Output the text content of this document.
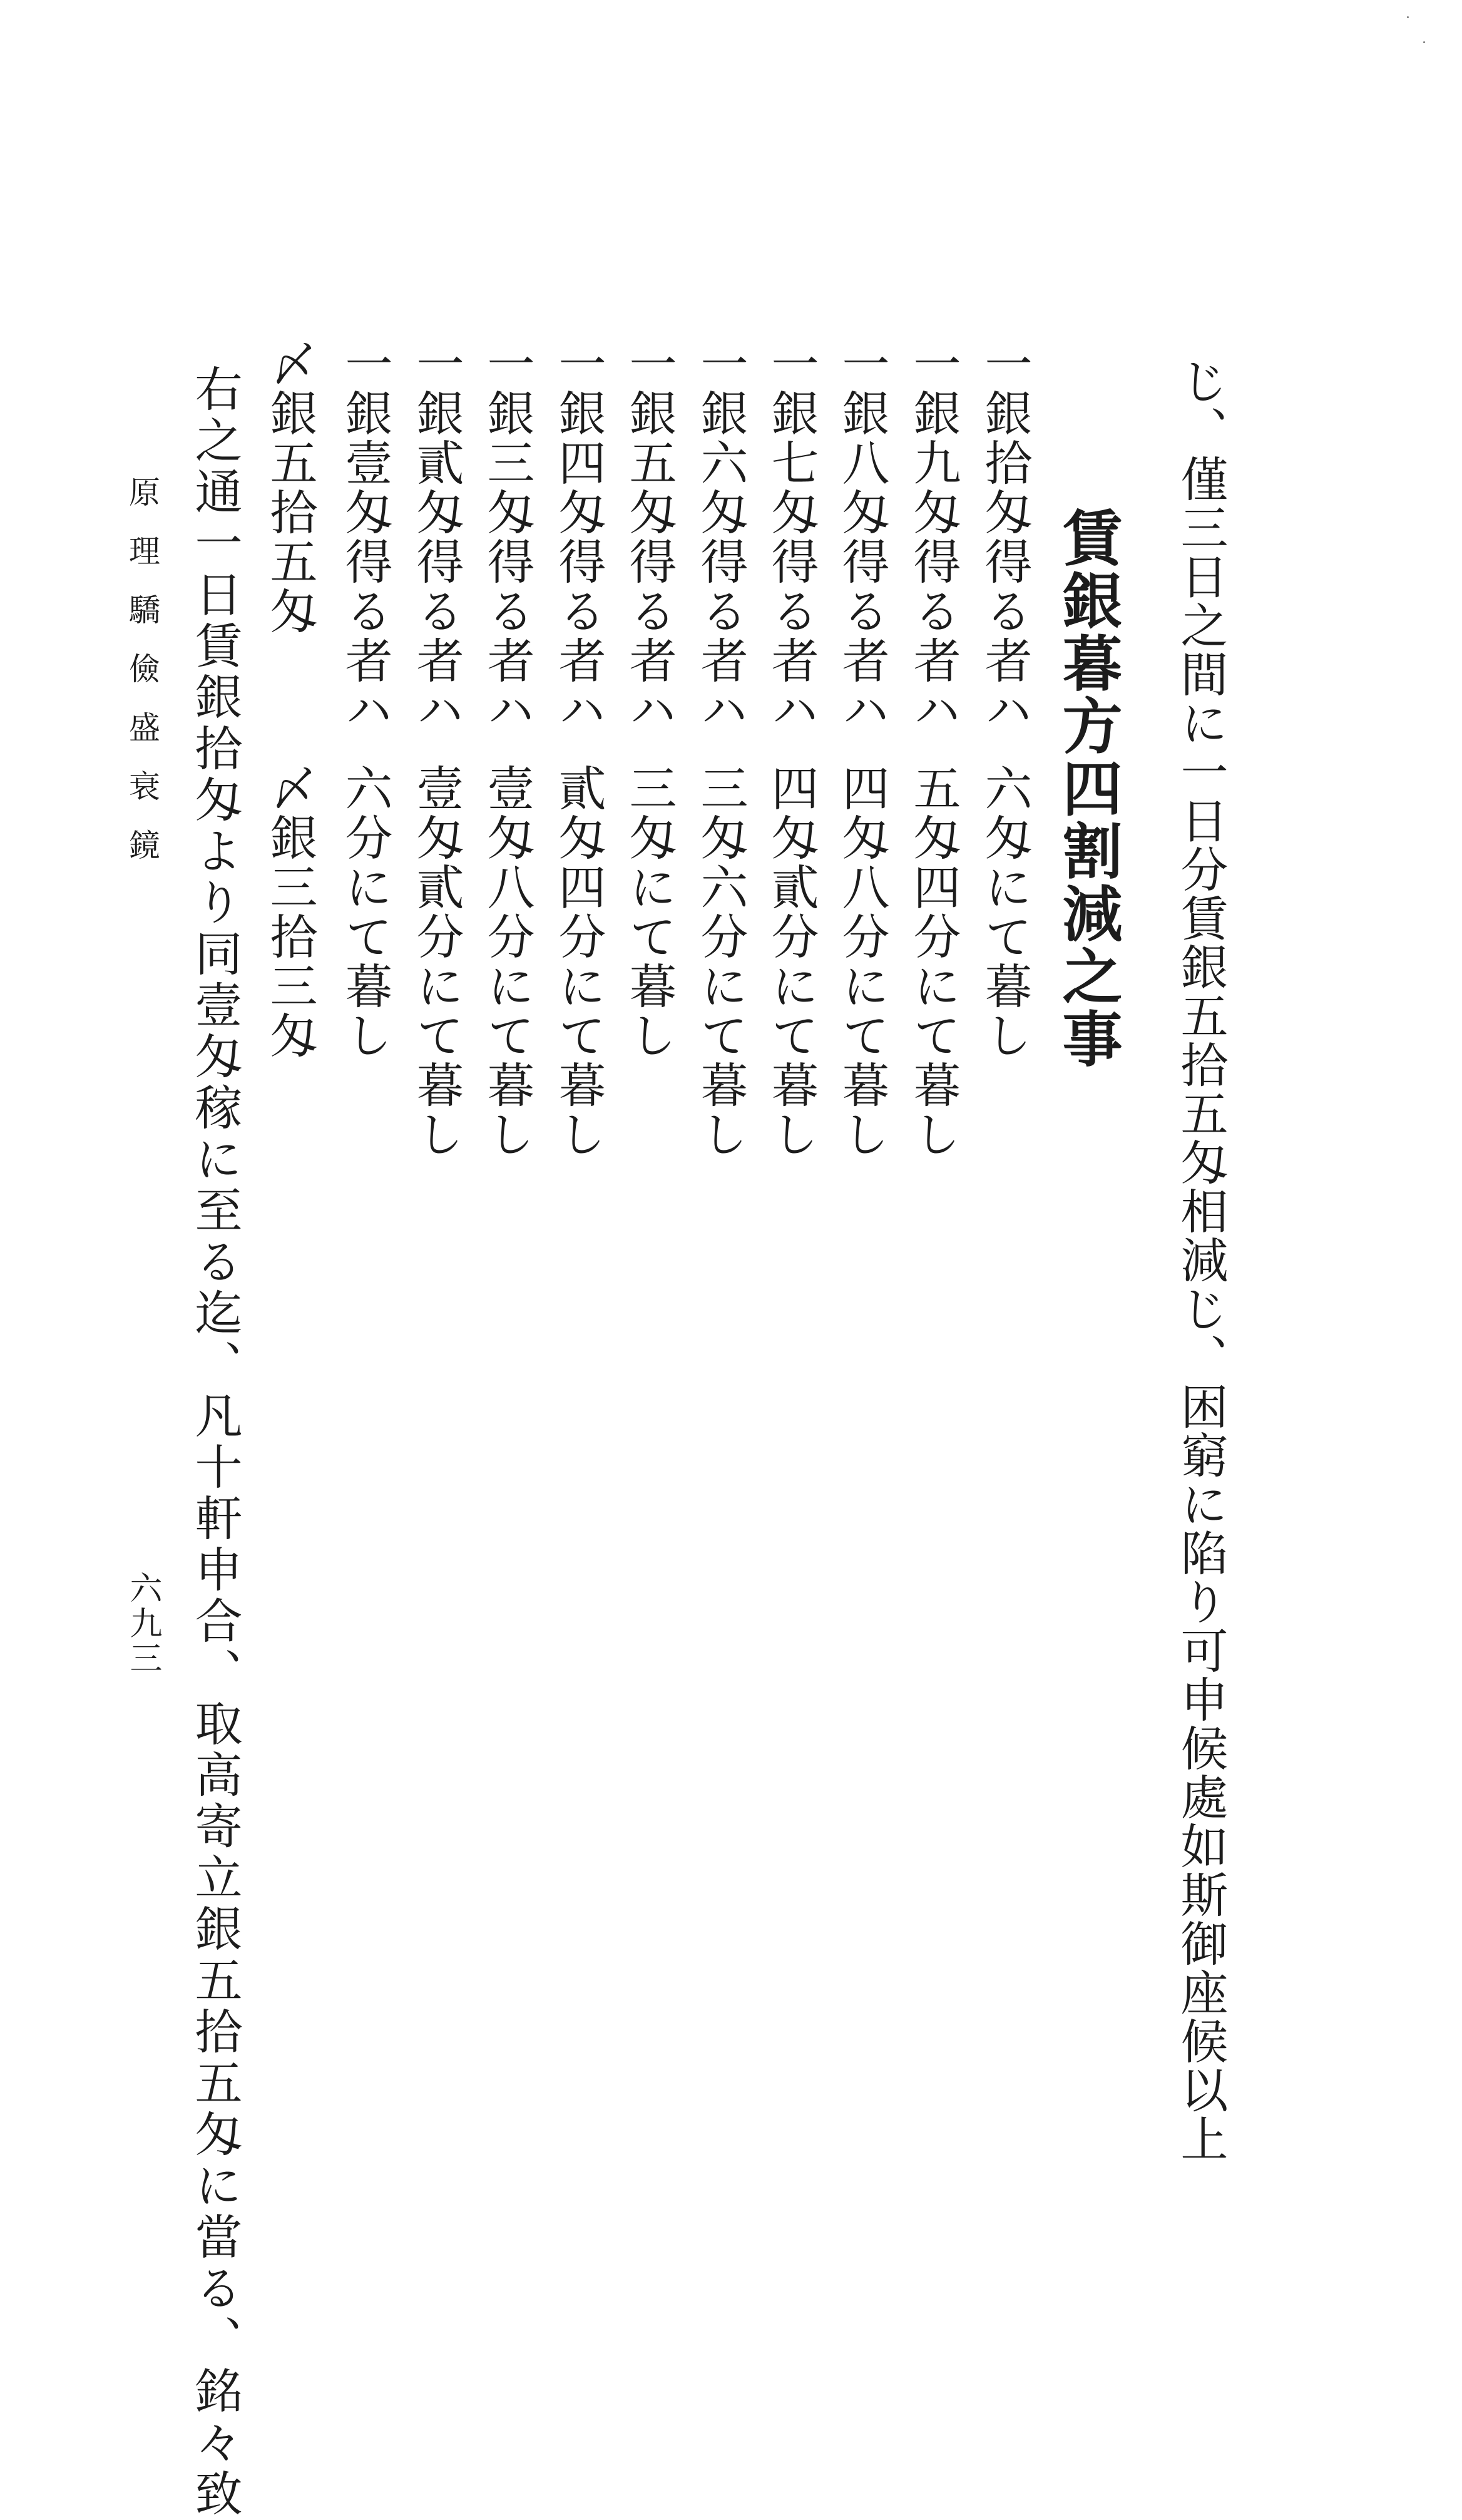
じ、僅三日之間に一日分賃銀五拾五匁相減じ、困窮に陷り可申候處如斯御座候以上
賃銀暮方四割減之事
一銀拾匁得る者ハ
一銀九匁得る者ハ
一銀八匁得る者ハ
一銀七匁得る者ハ
一銀六匁得る者ハ
一銀五匁得る者ハ
一銀四匁得る者ハ
一銀三匁得る者ハ
一銀貳匁得る者ハ
一銀壹匁得る者ハ
六匁にて暮し
五匁四分にて暮し
四匁八分にて暮し
四匁貳分にて暮し
三匁六分にて暮し
三匁にて暮し
貳匁四分にて暮し
壹匁八分にて暮し
壹匁貳分にて暮し
六分にて暮し
〆銀五拾五匁
〆銀三拾三匁
右之通一日賃銀拾匁より同壹匁稼に至る迄、凡十軒申合、取高寄立銀五拾五匁に當る、銘々致
原理驕儉盛衰鏡
六九三
